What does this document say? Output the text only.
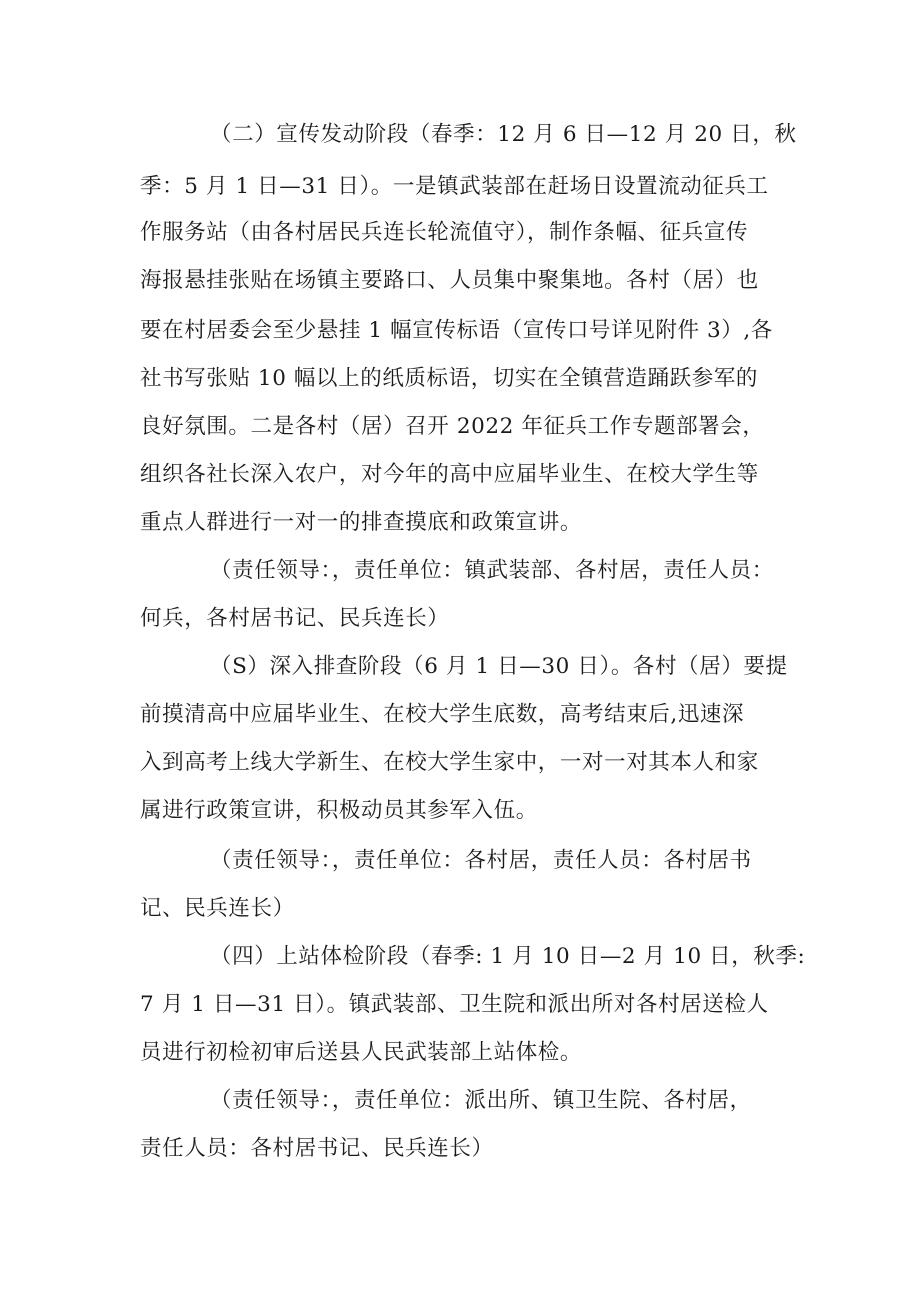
（二）宣传发动阶段（春季：12 月 6 日—12 月 20 日，秋
季：5 月 1 日—31 日）。一是镇武装部在赶场日设置流动征兵工
作服务站（由各村居民兵连长轮流值守），制作条幅、征兵宣传
海报悬挂张贴在场镇主要路口、人员集中聚集地。各村（居）也
要在村居委会至少悬挂 1 幅宣传标语（宣传口号详见附件 3）,各
社书写张贴 10 幅以上的纸质标语，切实在全镇营造踊跃参军的
良好氛围。二是各村（居）召开 2022 年征兵工作专题部署会，
组织各社长深入农户，对今年的高中应届毕业生、在校大学生等
重点人群进行一对一的排查摸底和政策宣讲。
（责任领导：，责任单位：镇武装部、各村居，责任人员：
何兵，各村居书记、民兵连长）
（S）深入排查阶段（6 月 1 日—30 日）。各村（居）要提
前摸清高中应届毕业生、在校大学生底数，高考结束后,迅速深
入到高考上线大学新生、在校大学生家中，一对一对其本人和家
属进行政策宣讲，积极动员其参军入伍。
（责任领导：，责任单位：各村居，责任人员：各村居书
记、民兵连长）
（四）上站体检阶段（春季: 1 月 10 日—2 月 10 日，秋季:
7 月 1 日—31 日）。镇武装部、卫生院和派出所对各村居送检人
员进行初检初审后送县人民武装部上站体检。
（责任领导：，责任单位：派出所、镇卫生院、各村居，
责任人员：各村居书记、民兵连长）
